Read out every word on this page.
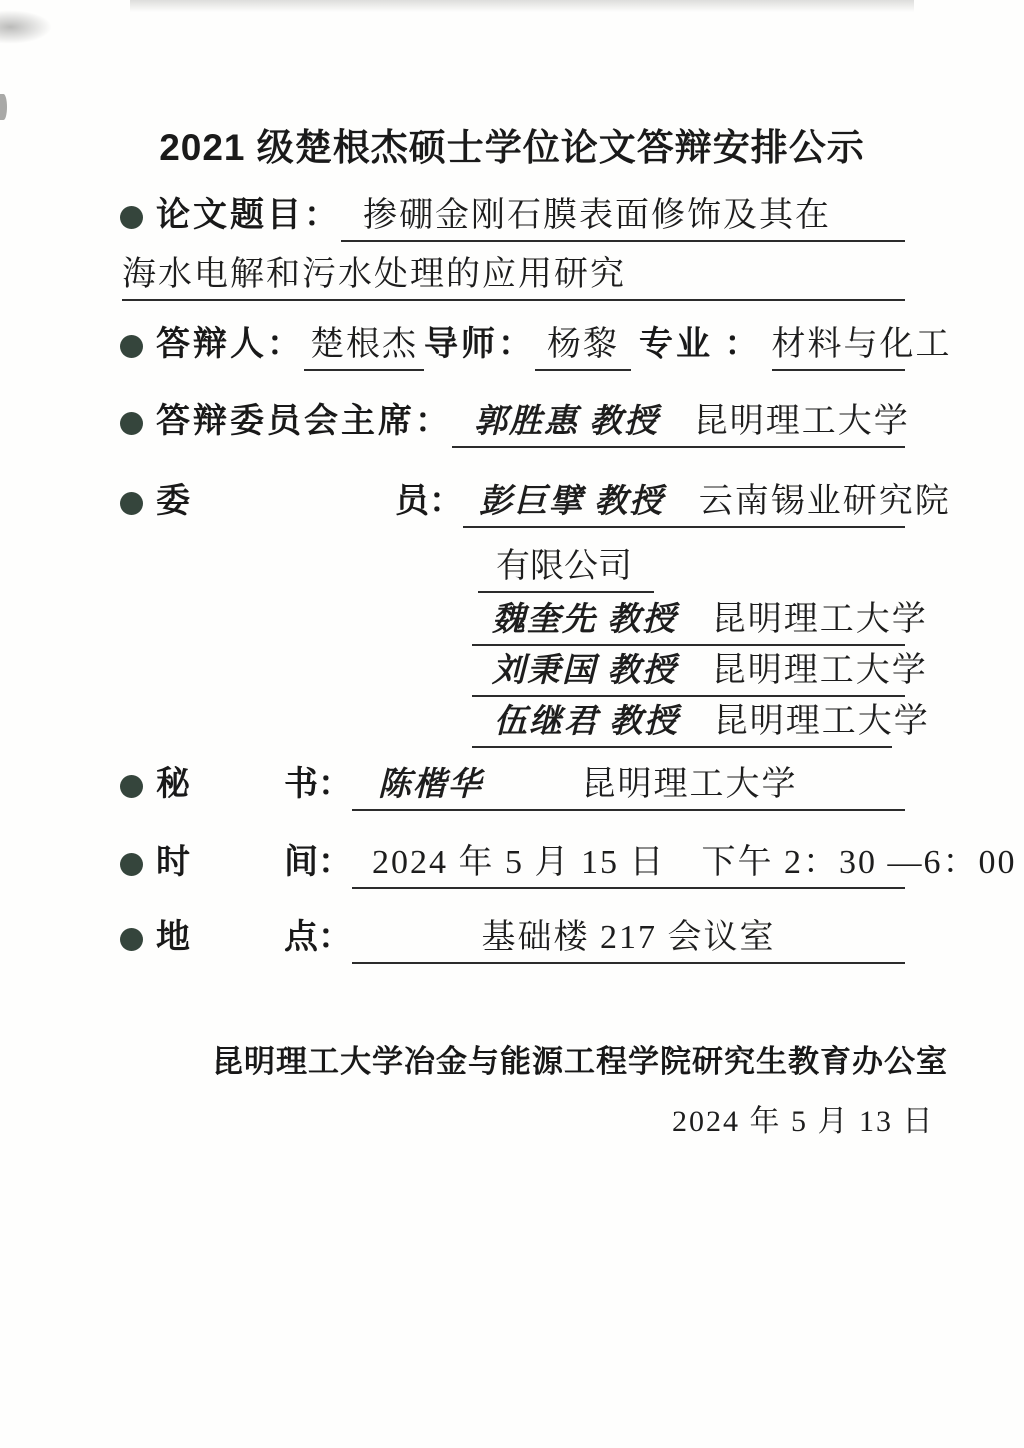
2021 级楚根杰硕士学位论文答辩安排公示
论文题目： 掺硼金刚石膜表面修饰及其在
海水电解和污水处理的应用研究
答辩人： 楚根杰 导师： 杨黎 专业 ： 材料与化工
答辩委员会主席： 郭胜惠 教授 昆明理工大学
委	员： 彭巨擘 教授 云南锡业研究院
有限公司
魏奎先 教授 昆明理工大学
刘秉国 教授 昆明理工大学
伍继君 教授 昆明理工大学
秘	书： 陈楷华	昆明理工大学
时	间： 2024 年 5 月 15 日　下午 2：30 —6：00
地	点：	基础楼 217 会议室
昆明理工大学冶金与能源工程学院研究生教育办公室
2024 年 5 月 13 日
